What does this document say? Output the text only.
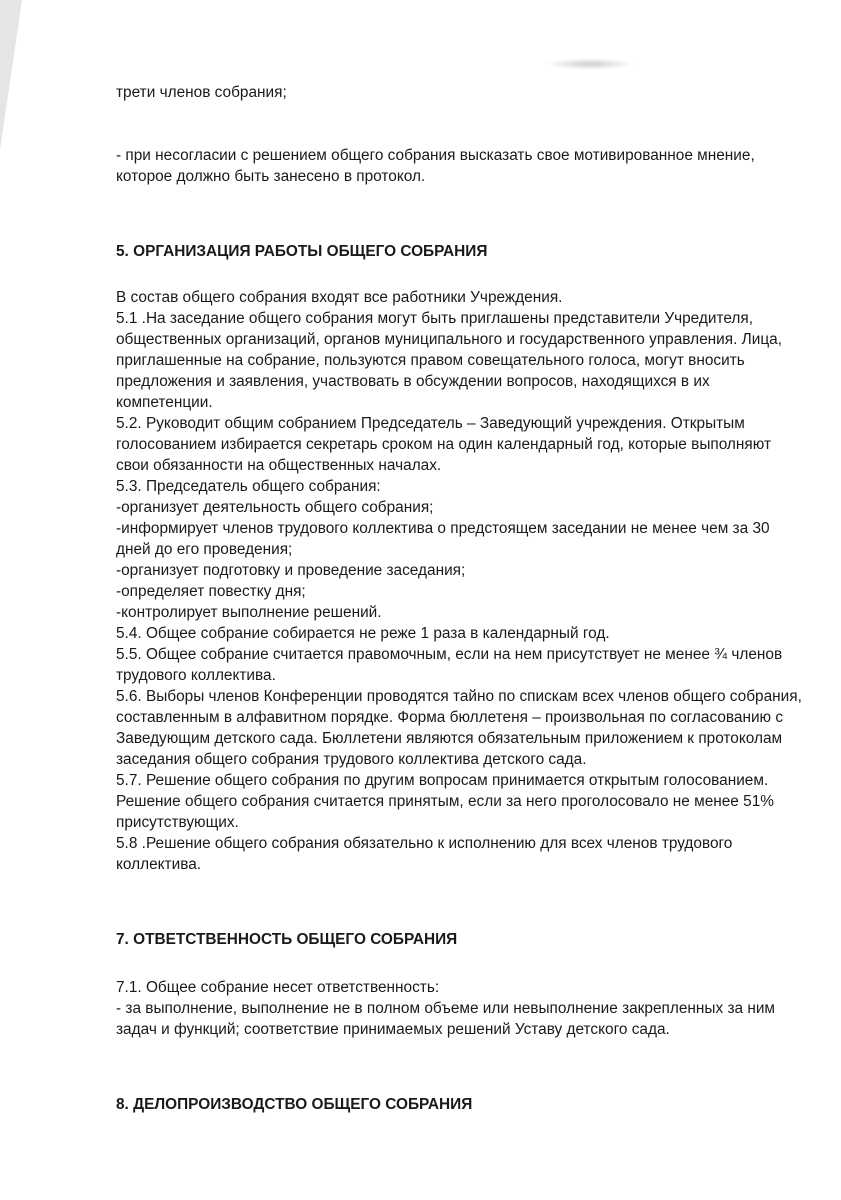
трети членов собрания;

- при несогласии с решением общего собрания высказать свое мотивированное мнение, которое должно быть занесено в протокол.

5. ОРГАНИЗАЦИЯ РАБОТЫ ОБЩЕГО СОБРАНИЯ

В состав общего собрания входят все работники Учреждения.

5.1 .На заседание общего собрания могут быть приглашены представители Учредителя, общественных организаций, органов муниципального и государственного управления. Лица, приглашенные на собрание, пользуются правом совещательного голоса, могут вносить предложения и заявления, участвовать в обсуждении вопросов, находящихся в их компетенции.

5.2. Руководит общим собранием Председатель – Заведующий учреждения. Открытым голосованием избирается секретарь сроком на один календарный год, которые выполняют свои обязанности на общественных началах.

5.3. Председатель общего собрания:

-организует деятельность общего собрания;

-информирует членов трудового коллектива о предстоящем заседании не менее чем за 30 дней до его проведения;

-организует подготовку и проведение заседания;

-определяет повестку дня;

-контролирует выполнение решений.

5.4. Общее собрание собирается не реже 1 раза в календарный год.

5.5. Общее собрание считается правомочным, если на нем присутствует не менее ¾ членов трудового коллектива.

5.6. Выборы членов Конференции проводятся тайно по спискам всех членов общего собрания, составленным в алфавитном порядке. Форма бюллетеня – произвольная по согласованию с Заведующим детского сада. Бюллетени являются обязательным приложением к протоколам заседания общего собрания трудового коллектива детского сада.

5.7. Решение общего собрания по другим вопросам принимается открытым голосованием. Решение общего собрания считается принятым, если за него проголосовало не менее 51% присутствующих.

5.8 .Решение общего собрания обязательно к исполнению для всех членов трудового коллектива.

7. ОТВЕТСТВЕННОСТЬ ОБЩЕГО СОБРАНИЯ

7.1. Общее собрание несет ответственность:

- за выполнение, выполнение не в полном объеме или невыполнение закрепленных за ним задач и функций; соответствие принимаемых решений Уставу детского сада.

8. ДЕЛОПРОИЗВОДСТВО ОБЩЕГО СОБРАНИЯ
